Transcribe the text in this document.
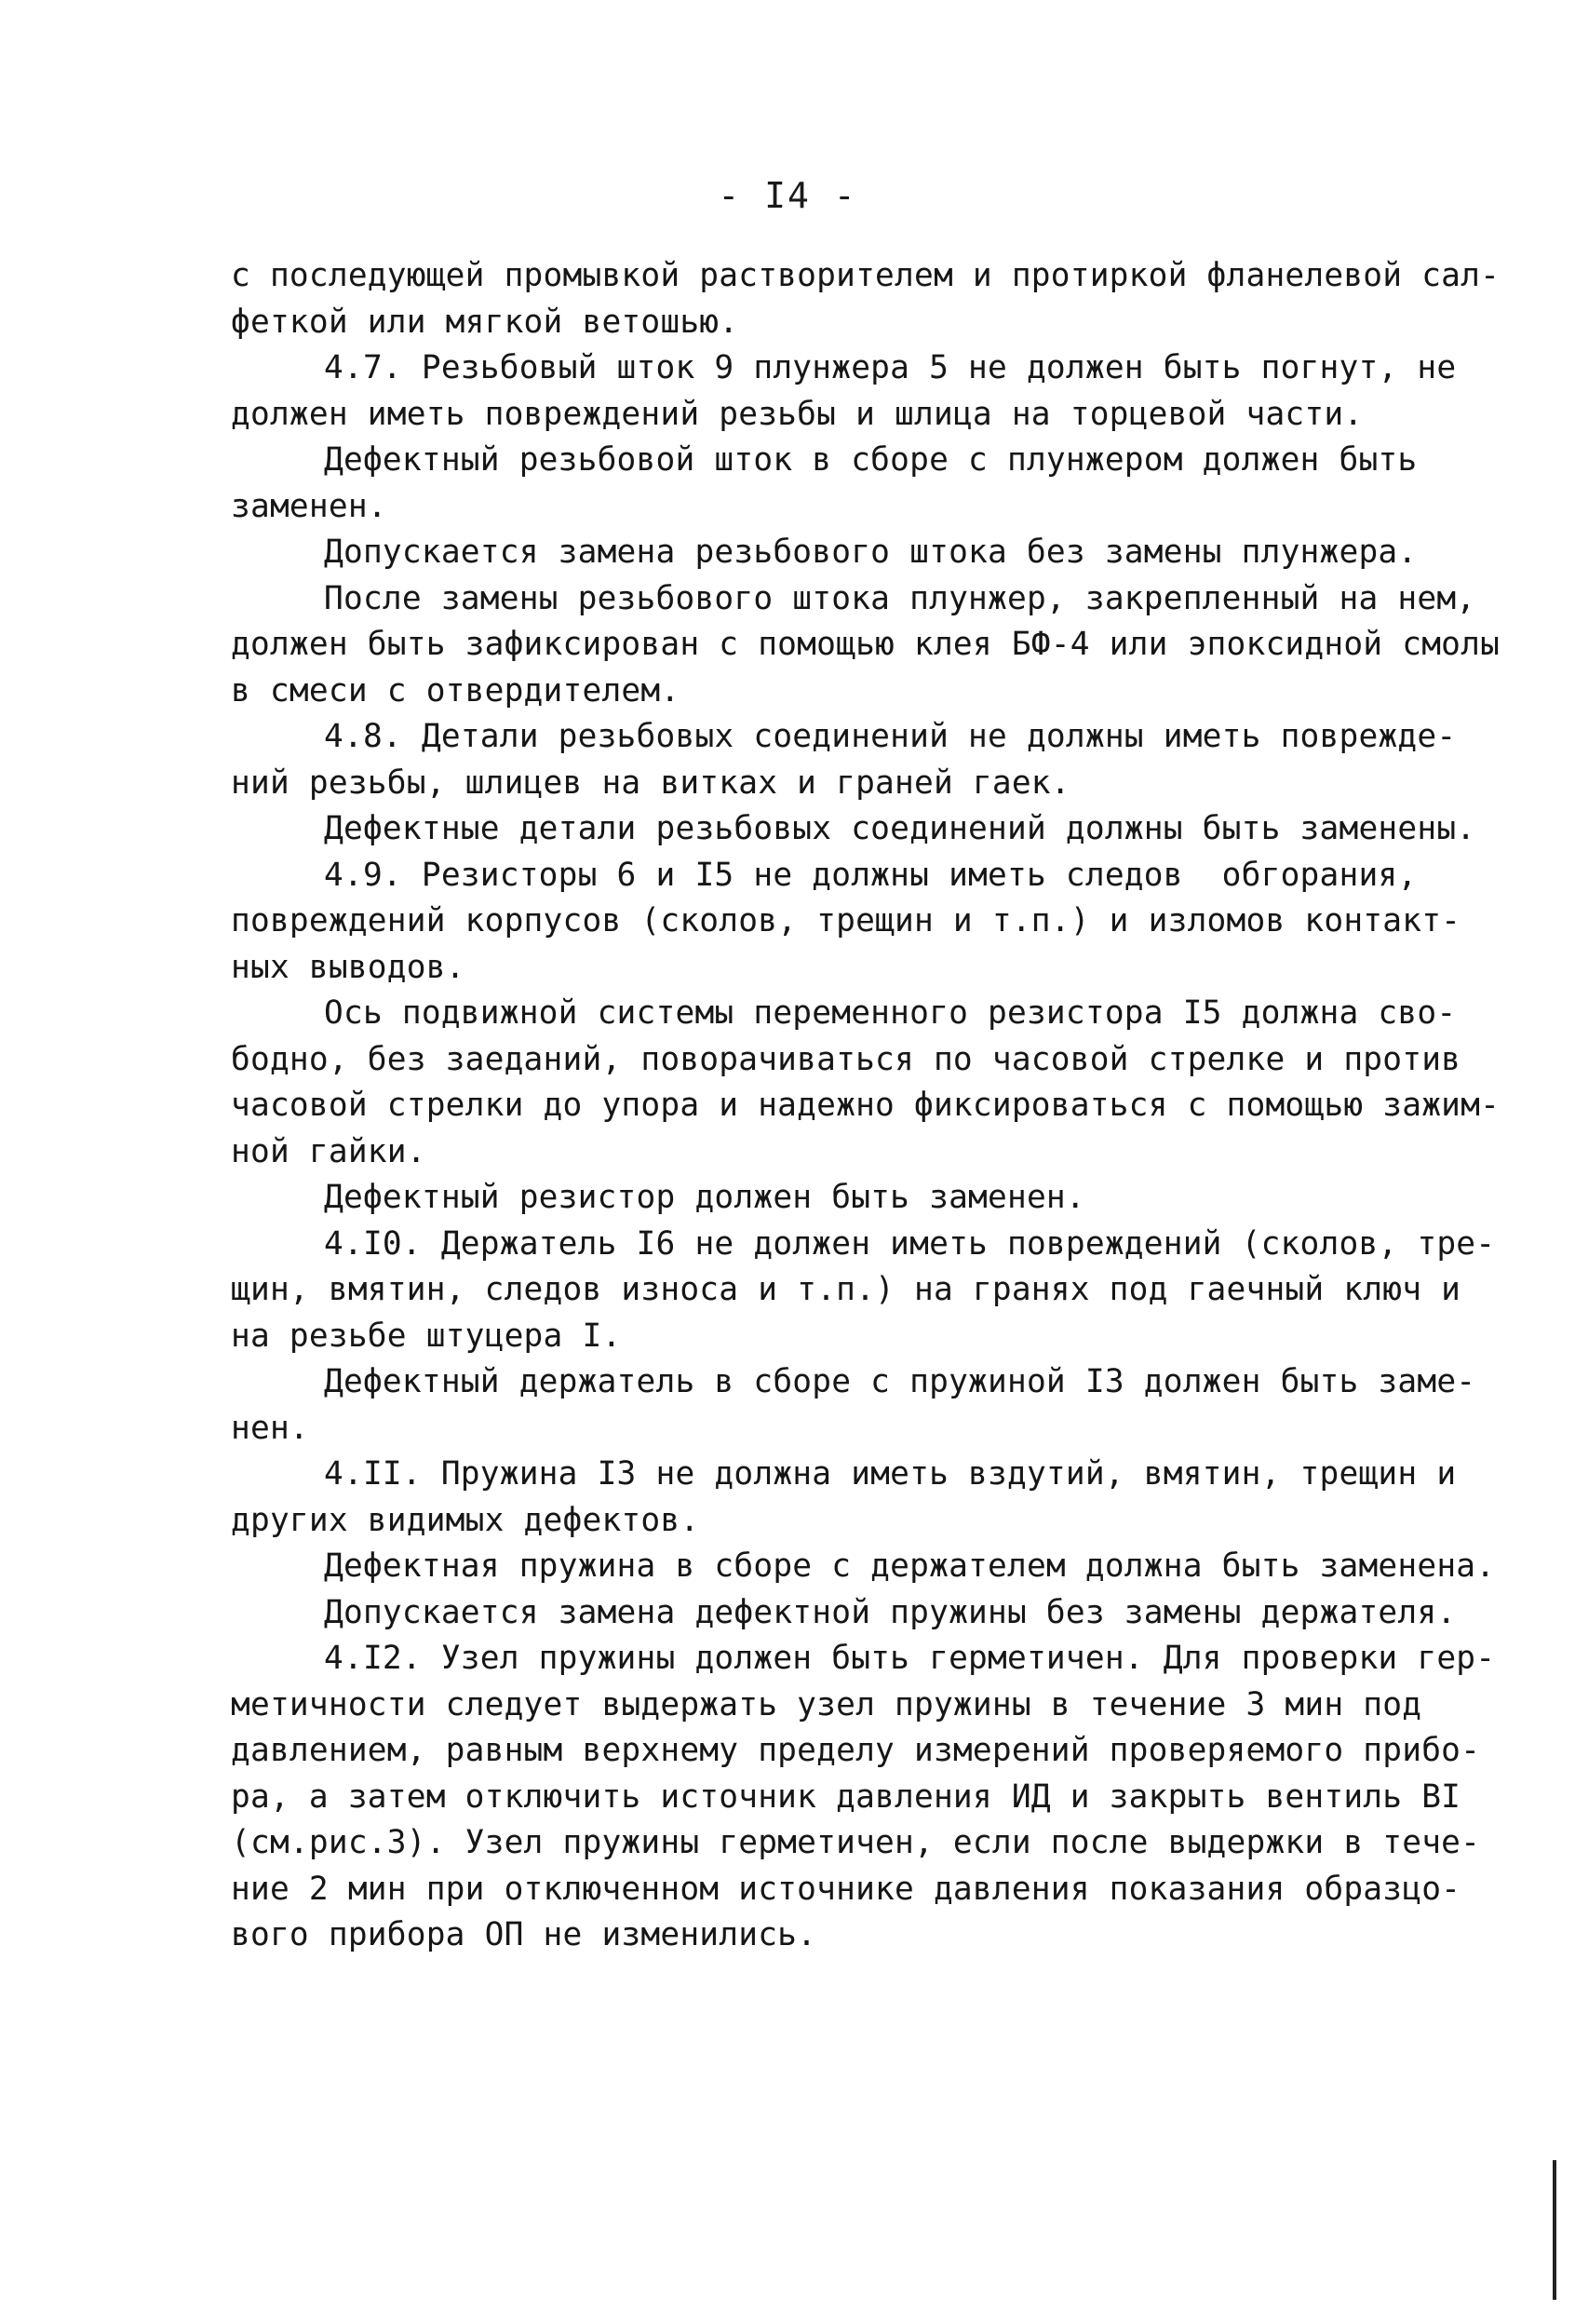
- I4 -
с последующей промывкой растворителем и протиркой фланелевой сал-
феткой или мягкой ветошью.
4.7. Резьбовый шток 9 плунжера 5 не должен быть погнут, не
должен иметь повреждений резьбы и шлица на торцевой части.
Дефектный резьбовой шток в сборе с плунжером должен быть
заменен.
Допускается замена резьбового штока без замены плунжера.
После замены резьбового штока плунжер, закрепленный на нем,
должен быть зафиксирован с помощью клея БФ-4 или эпоксидной смолы
в смеси с отвердителем.
4.8. Детали резьбовых соединений не должны иметь поврежде-
ний резьбы, шлицев на витках и граней гаек.
Дефектные детали резьбовых соединений должны быть заменены.
4.9. Резисторы 6 и I5 не должны иметь следов  обгорания,
повреждений корпусов (сколов, трещин и т.п.) и изломов контакт-
ных выводов.
Ось подвижной системы переменного резистора I5 должна сво-
бодно, без заеданий, поворачиваться по часовой стрелке и против
часовой стрелки до упора и надежно фиксироваться с помощью зажим-
ной гайки.
Дефектный резистор должен быть заменен.
4.I0. Держатель I6 не должен иметь повреждений (сколов, тре-
щин, вмятин, следов износа и т.п.) на гранях под гаечный ключ и
на резьбе штуцера I.
Дефектный держатель в сборе с пружиной I3 должен быть заме-
нен.
4.II. Пружина I3 не должна иметь вздутий, вмятин, трещин и
других видимых дефектов.
Дефектная пружина в сборе с держателем должна быть заменена.
Допускается замена дефектной пружины без замены держателя.
4.I2. Узел пружины должен быть герметичен. Для проверки гер-
метичности следует выдержать узел пружины в течение 3 мин под
давлением, равным верхнему пределу измерений проверяемого прибо-
ра, а затем отключить источник давления ИД и закрыть вентиль BI
(см.рис.3). Узел пружины герметичен, если после выдержки в тече-
ние 2 мин при отключенном источнике давления показания образцо-
вого прибора ОП не изменились.
